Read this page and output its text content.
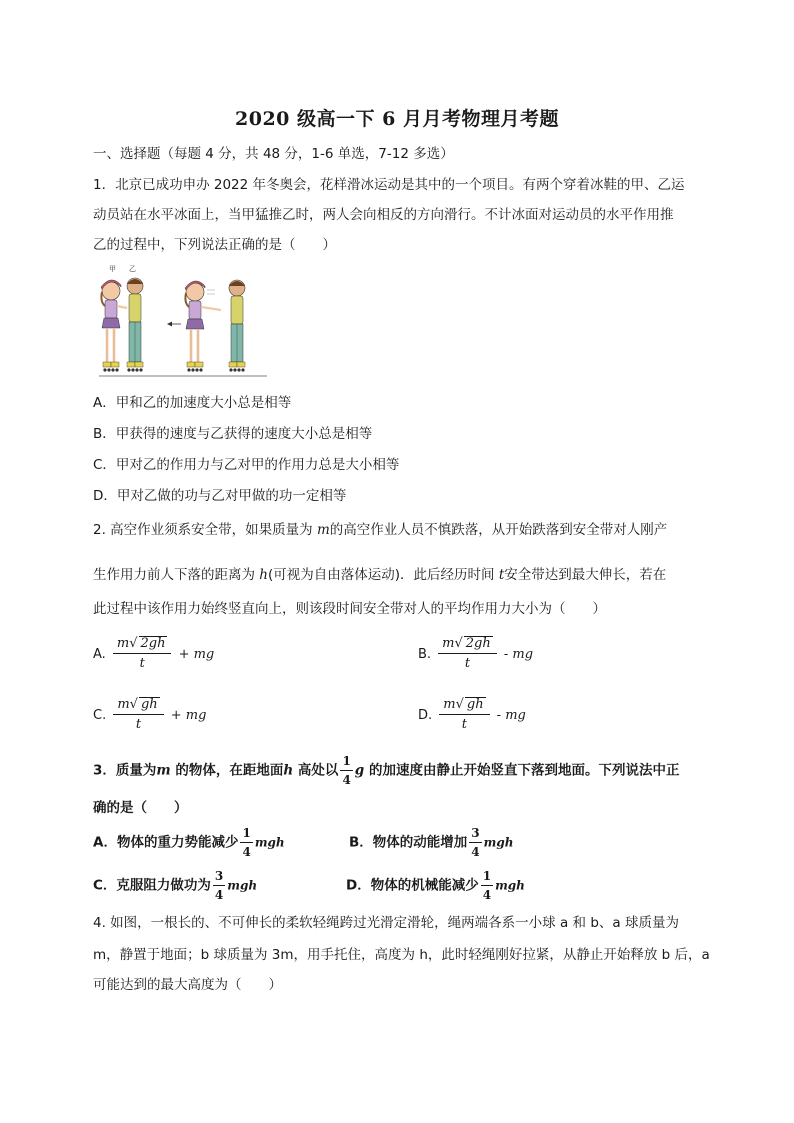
2020 级高一下 6 月月考物理月考题
一、选择题（每题 4 分，共 48 分，1-6 单选，7-12 多选）
1．北京已成功申办 2022 年冬奥会，花样滑冰运动是其中的一个项目。有两个穿着冰鞋的甲、乙运
动员站在水平冰面上，当甲猛推乙时，两人会向相反的方向滑行。不计冰面对运动员的水平作用推
乙的过程中，下列说法正确的是（　　）
甲 乙
A．甲和乙的加速度大小总是相等
B．甲获得的速度与乙获得的速度大小总是相等
C．甲对乙的作用力与乙对甲的作用力总是大小相等
D．甲对乙做的功与乙对甲做的功一定相等
2. 高空作业须系安全带，如果质量为 m的高空作业人员不慎跌落，从开始跌落到安全带对人刚产
生作用力前人下落的距离为 h(可视为自由落体运动)．此后经历时间 t安全带达到最大伸长，若在
此过程中该作用力始终竖直向上，则该段时间安全带对人的平均作用力大小为（　　）
A. $\frac{m√ 2gh}{t}$ + mg	B. $\frac{m√ 2gh}{t}$ - mg
C. $\frac{m√ gh}{t}$ + mg	D. $\frac{m√ gh}{t}$ - mg
3．质量为m 的物体，在距地面h 高处以 $\frac{1}{4}$ g 的加速度由静止开始竖直下落到地面。下列说法中正
确的是（　　）
A．物体的重力势能减少 $\frac{1}{4}$ mgh	B．物体的动能增加 $\frac{3}{4}$ mgh
C．克服阻力做功为 $\frac{3}{4}$ mgh	D．物体的机械能减少 $\frac{1}{4}$ mgh
4. 如图，一根长的、不可伸长的柔软轻绳跨过光滑定滑轮，绳两端各系一小球 a 和 b、a 球质量为
m，静置于地面；b 球质量为 3m，用手托住，高度为 h，此时轻绳刚好拉紧，从静止开始释放 b 后，a
可能达到的最大高度为（　　）
